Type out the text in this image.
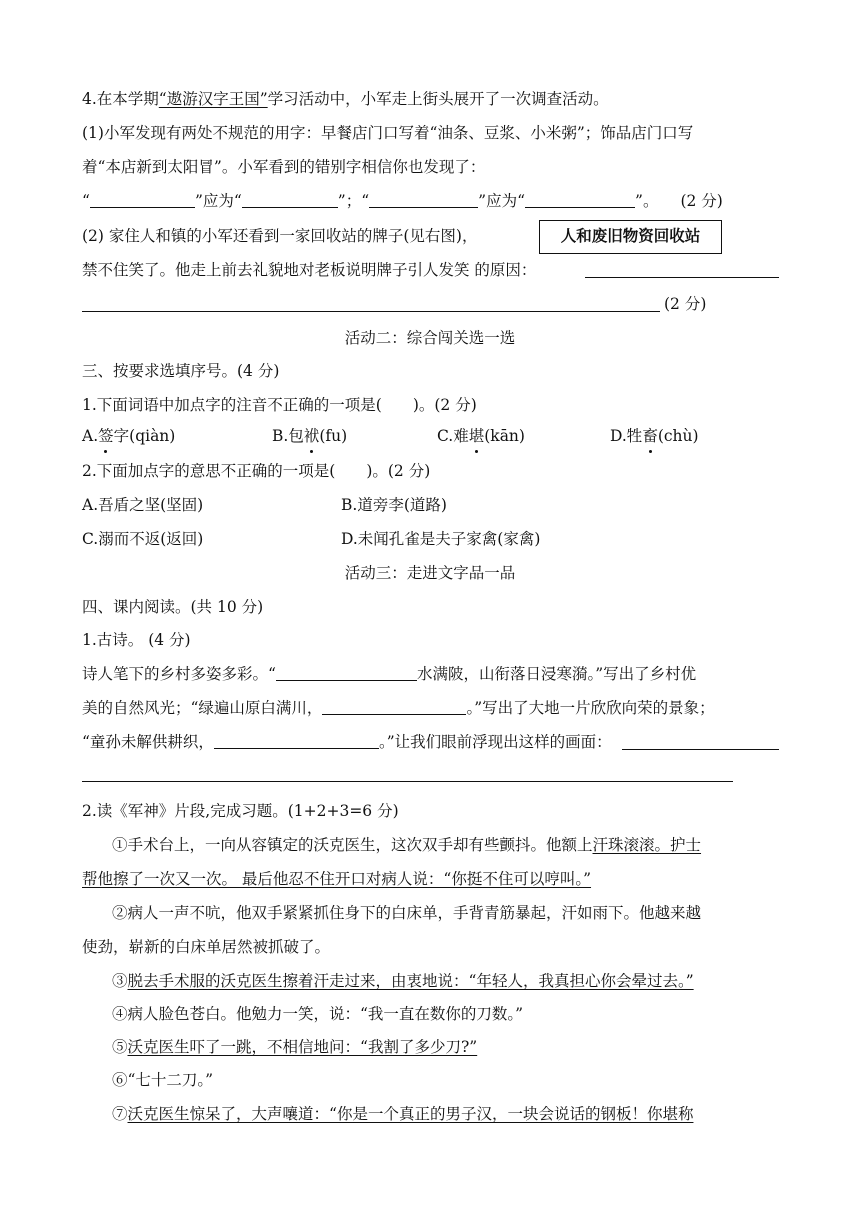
4.在本学期“遨游汉字王国”学习活动中，小军走上街头展开了一次调查活动。
(1)小军发现有两处不规范的用字：早餐店门口写着“油条、豆浆、小米粥”；饰品店门口写
着“本店新到太阳冒”。小军看到的错别字相信你也发现了：
“	”应为“	”；“	”应为“	”。 (2 分)
(2) 家住人和镇的小军还看到一家回收站的牌子(见右图)，	人和废旧物资回收站
禁不住笑了。他走上前去礼貌地对老板说明牌子引人发笑 的原因：
(2 分)
活动二：综合闯关选一选
三、按要求选填序号。(4 分)
1.下面词语中加点字的注音不正确的一项是(　　)。(2 分)
A.签字(qiàn)	B.包袱(fu)	C.难堪(kān)	D.牲畜(chù)
2.下面加点字的意思不正确的一项是(　　)。(2 分)
A.吾盾之坚(坚固)	B.道旁李(道路)
C.溺而不返(返回)	D.未闻孔雀是夫子家禽(家禽)
活动三：走进文字品一品
四、课内阅读。(共 10 分)
1.古诗。 (4 分)
诗人笔下的乡村多姿多彩。“	水满陂，山衔落日浸寒漪。”写出了乡村优
美的自然风光；“绿遍山原白满川，	。”写出了大地一片欣欣向荣的景象；
“童孙未解供耕织，	。”让我们眼前浮现出这样的画面：
2.读《军神》片段,完成习题。(1+2+3=6 分)
①手术台上，一向从容镇定的沃克医生，这次双手却有些颤抖。他额上汗珠滚滚。护士
帮他擦了一次又一次。 最后他忍不住开口对病人说：“你挺不住可以哼叫。”
②病人一声不吭，他双手紧紧抓住身下的白床单，手背青筋暴起，汗如雨下。他越来越
使劲，崭新的白床单居然被抓破了。
③脱去手术服的沃克医生擦着汗走过来，由衷地说：“年轻人，我真担心你会晕过去。”
④病人脸色苍白。他勉力一笑，说：“我一直在数你的刀数。”
⑤沃克医生吓了一跳，不相信地问：“我割了多少刀?”
⑥“七十二刀。”
⑦沃克医生惊呆了，大声嚷道：“你是一个真正的男子汉，一块会说话的钢板！你堪称
